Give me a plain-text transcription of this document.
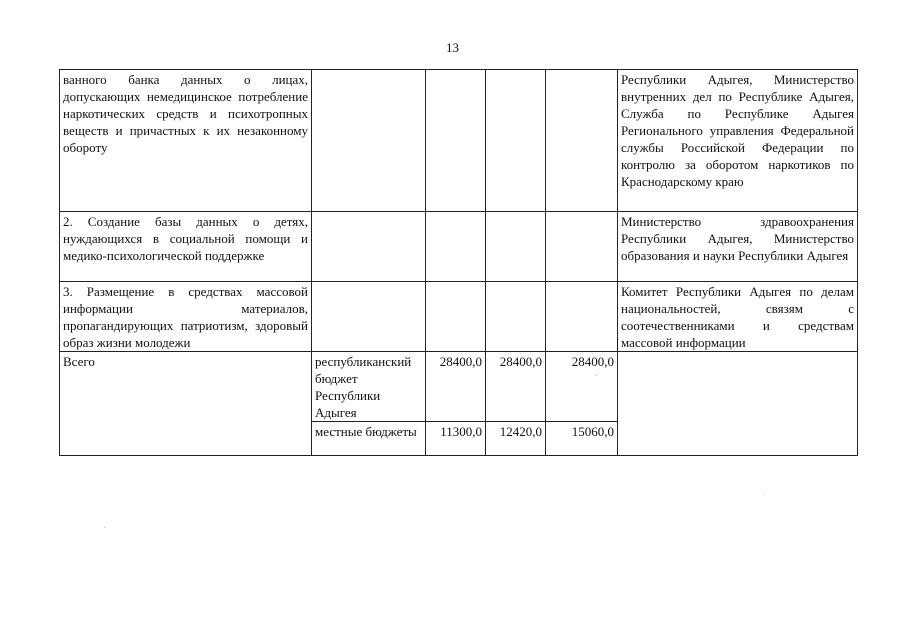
13
ванного банка данных о лицах, допускающих немедицинское потребление наркотических средств и психотропных веществ и причастных к их незаконному обороту					Республики Адыгея, Министерство внутренних дел по Республике Адыгея, Служба по Республике Адыгея Регионального управления Федеральной службы Российской Федерации по контролю за оборотом наркотиков по Краснодарскому краю
2. Создание базы данных о детях, нуждающихся в социальной помощи и медико-психологической поддержке					Министерство здравоохранения Республики Адыгея, Министерство образования и науки Республики Адыгея
3. Размещение в средствах массовой информации материалов, пропагандирующих патриотизм, здоровый образ жизни молодежи					Комитет Республики Адыгея по делам национальностей, связям с соотечественниками и средствам массовой информации
Всего	республиканский бюджет Республики Адыгея	28400,0	28400,0	28400,0	
	местные бюджеты	11300,0	12420,0	15060,0	
